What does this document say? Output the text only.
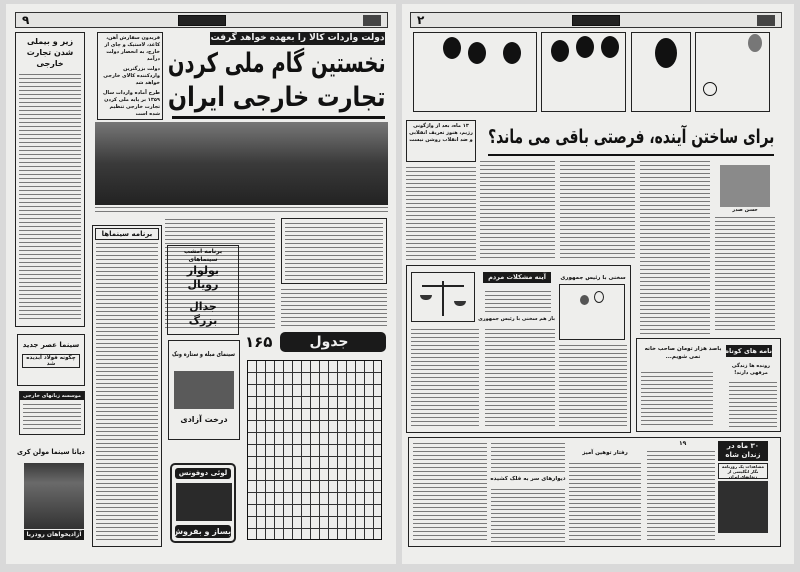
۹
دولت واردات کالا را بعهده خواهد گرفت
نخستین گام ملی کردن
تجارت خارجی ایران

فریدون سفارش آهن، کاغذ، لاستیک و چای از خارج، به انحصار دولت درآمد

دولت بزرگترین واردکننده کالای خارجی خواهد شد

طرح آماده واردات سال ۱۳۵۹ بر پایه ملی کردن تجارت خارجی تنظیم شده است

زیر و بیملی شدن تجارت خارجی
برنامه سینماها
برنامه امشب
سینماهای
بولوار
رویال
جدال
بزرگ
سینمای مبله و ستاره ونک
درخت آزادی
لوئی دوفونس
بساز و بفروش
۱۶۵	جدول
سینما عصر جدید
چگونه فولاد آبدیده شد
موسسه زبانهای خارجی
دیانا سینما مولن کری
آزادیخواهان رودربا
۲
برای ساختن آینده، فرصتی باقی می ماند؟
۱۳ ماه، بعد از واژگونی رژیم، هنوز تعریف انقلابی و ضد انقلاب روشن نیست
حسن صدر
آینه مشکلات مردم	سخنی با رئیس جمهوری
باز هم سخنی با رئیس جمهوری
نامه های کوتاه
باصد هزار تومان صاحب خانه نمی شویم...
رونده ها زندگی مرفهی دارند!
۳۰ ماه در زندان شاه
مشاهدات یک روزنامه نگار انگلیسی از زندانهای ایران
۱۹
رفتار توهین آمیز
دیوارهای سر به فلک کشیده
